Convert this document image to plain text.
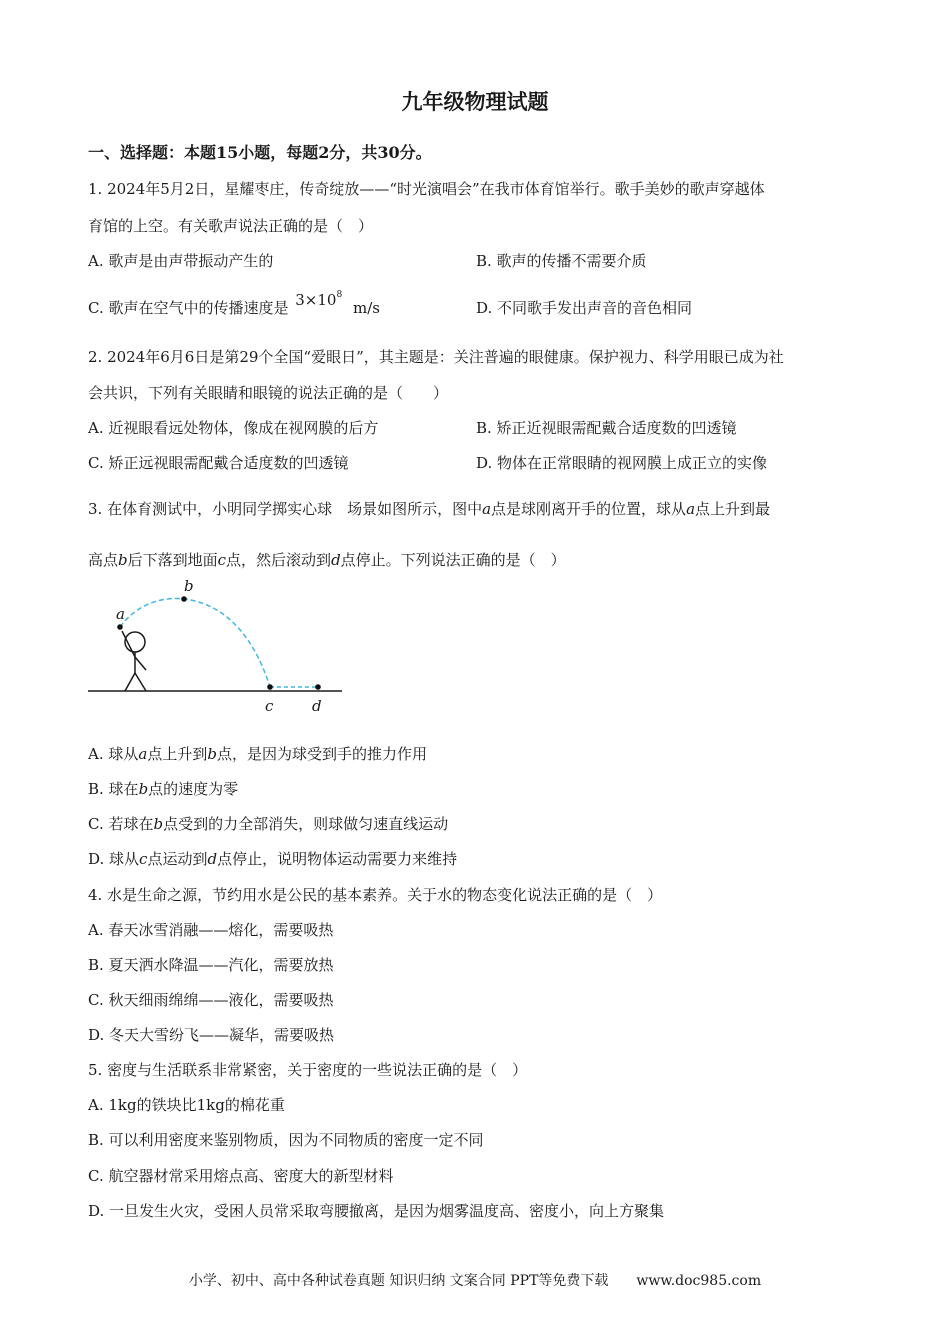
九年级物理试题
一、选择题：本题15小题，每题2分，共30分。
1. 2024年5月2日，星耀枣庄，传奇绽放——“时光演唱会”在我市体育馆举行。歌手美妙的歌声穿越体
育馆的上空。有关歌声说法正确的是（　）
A. 歌声是由声带振动产生的	B. 歌声的传播不需要介质
C. 歌声在空气中的传播速度是 $3\times 10^8$ m/s	D. 不同歌手发出声音的音色相同
2. 2024年6月6日是第29个全国“爱眼日”，其主题是：关注普遍的眼健康。保护视力、科学用眼已成为社
会共识，下列有关眼睛和眼镜的说法正确的是（　　）
A. 近视眼看远处物体，像成在视网膜的后方	B. 矫正近视眼需配戴合适度数的凹透镜
C. 矫正远视眼需配戴合适度数的凹透镜	D. 物体在正常眼睛的视网膜上成正立的实像
3. 在体育测试中，小明同学掷实心球　场景如图所示，图中a点是球刚离开手的位置，球从a点上升到最
高点b后下落到地面c点，然后滚动到d点停止。下列说法正确的是（　）
a
b
c	d
A. 球从a点上升到b点，是因为球受到手的推力作用
B. 球在b点的速度为零
C. 若球在b点受到的力全部消失，则球做匀速直线运动
D. 球从c点运动到d点停止，说明物体运动需要力来维持
4. 水是生命之源，节约用水是公民的基本素养。关于水的物态变化说法正确的是（　）
A. 春天冰雪消融——熔化，需要吸热
B. 夏天洒水降温——汽化，需要放热
C. 秋天细雨绵绵——液化，需要吸热
D. 冬天大雪纷飞——凝华，需要吸热
5. 密度与生活联系非常紧密，关于密度的一些说法正确的是（　）
A. 1kg的铁块比1kg的棉花重
B. 可以利用密度来鉴别物质，因为不同物质的密度一定不同
C. 航空器材常采用熔点高、密度大的新型材料
D. 一旦发生火灾，受困人员常采取弯腰撤离，是因为烟雾温度高、密度小，向上方聚集
小学、初中、高中各种试卷真题 知识归纳 文案合同 PPT等免费下载　　www.doc985.com
